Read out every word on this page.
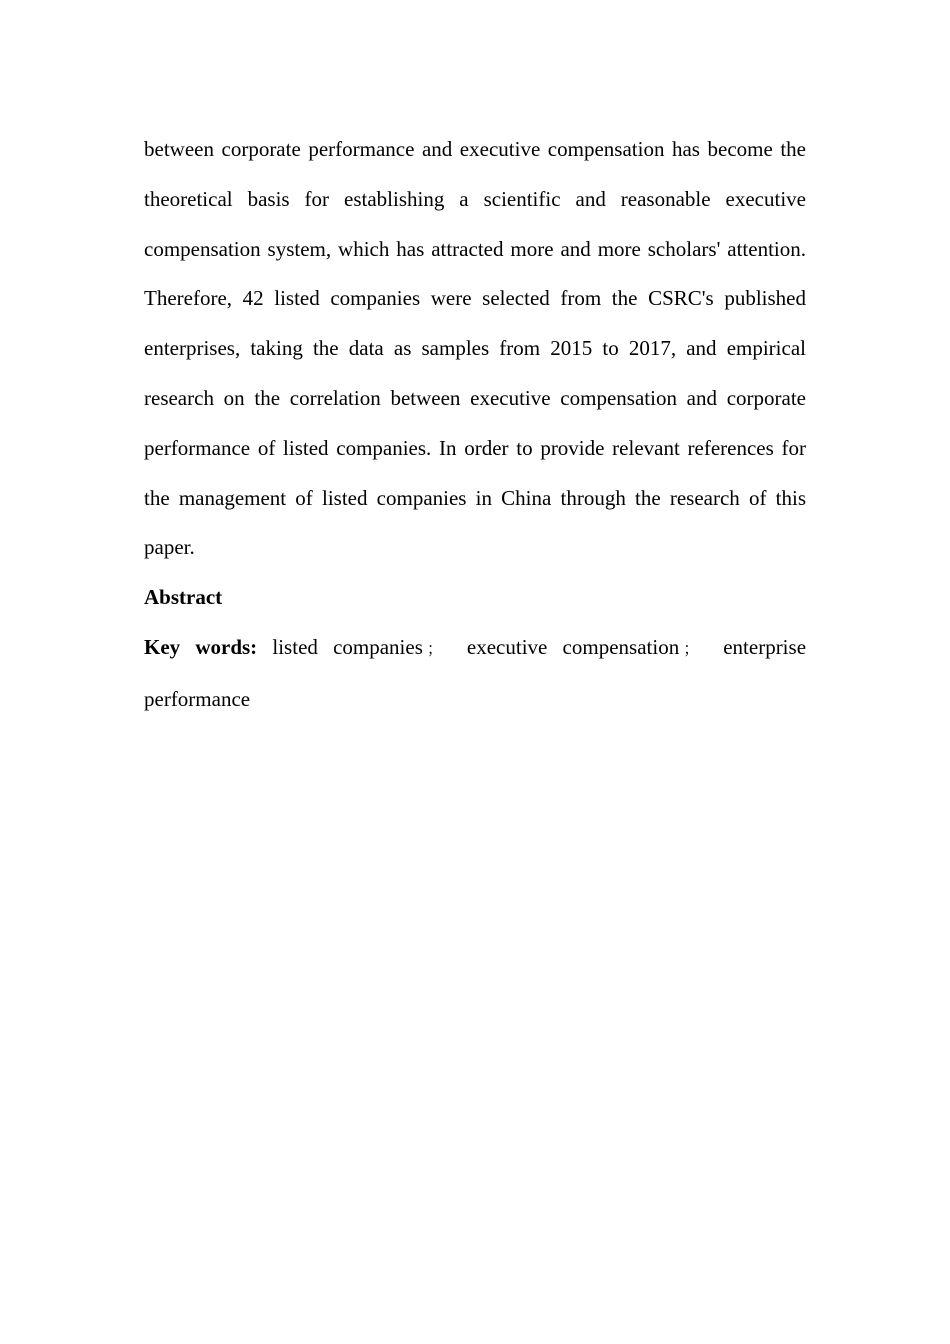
between corporate performance and executive compensation has become the theoretical basis for establishing a scientific and reasonable executive compensation system, which has attracted more and more scholars' attention. Therefore, 42 listed companies were selected from the CSRC's published enterprises, taking the data as samples from 2015 to 2017, and empirical research on the correlation between executive compensation and corporate performance of listed companies. In order to provide relevant references for the management of listed companies in China through the research of this paper.

Abstract

Key words: listed companies ； executive compensation ； enterprise performance
